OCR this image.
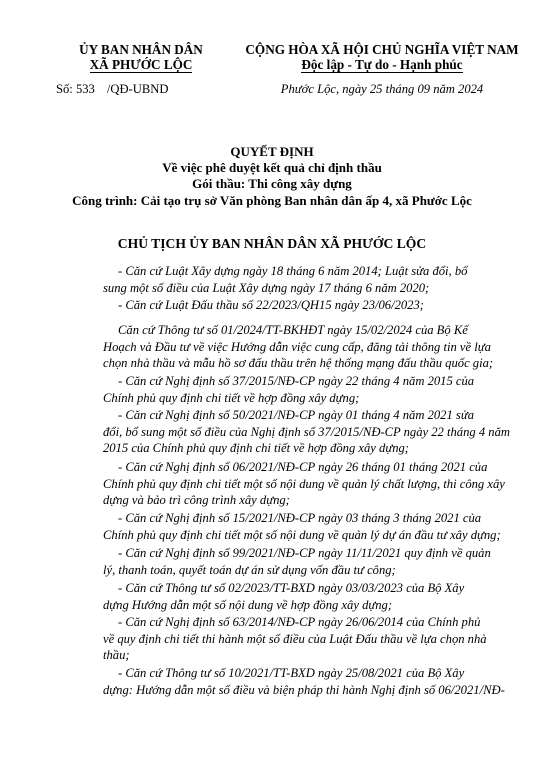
ỦY BAN NHÂN DÂN
XÃ PHƯỚC LỘC
Số: 533 /QĐ-UBND
CỘNG HÒA XÃ HỘI CHỦ NGHĨA VIỆT NAM
Độc lập - Tự do - Hạnh phúc
Phước Lộc, ngày 25 tháng 09 năm 2024
QUYẾT ĐỊNH
Về việc phê duyệt kết quả chỉ định thầu
Gói thầu: Thi công xây dựng
Công trình: Cải tạo trụ sở Văn phòng Ban nhân dân ấp 4, xã Phước Lộc
CHỦ TỊCH ỦY BAN NHÂN DÂN XÃ PHƯỚC LỘC
- Căn cứ Luật Xây dựng ngày 18 tháng 6 năm 2014; Luật sửa đổi, bổ
sung một số điều của Luật Xây dựng ngày 17 tháng 6 năm 2020;
- Căn cứ Luật Đấu thầu số 22/2023/QH15 ngày 23/06/2023;
Căn cứ Thông tư số 01/2024/TT-BKHĐT ngày 15/02/2024 của Bộ Kế
Hoạch và Đầu tư về việc Hướng dẫn việc cung cấp, đăng tải thông tin về lựa
chọn nhà thầu và mẫu hồ sơ đấu thầu trên hệ thống mạng đấu thầu quốc gia;
- Căn cứ Nghị định số 37/2015/NĐ-CP ngày 22 tháng 4 năm 2015 của
Chính phủ quy định chi tiết về hợp đồng xây dựng;
- Căn cứ Nghị định số 50/2021/NĐ-CP ngày 01 tháng 4 năm 2021 sửa
đổi, bổ sung một số điều của Nghị định số 37/2015/NĐ-CP ngày 22 tháng 4 năm
2015 của Chính phủ quy định chi tiết về hợp đồng xây dựng;
- Căn cứ Nghị định số 06/2021/NĐ-CP ngày 26 tháng 01 tháng 2021 của
Chính phủ quy định chi tiết một số nội dung về quản lý chất lượng, thi công xây
dựng và bảo trì công trình xây dựng;
- Căn cứ Nghị định số 15/2021/NĐ-CP ngày 03 tháng 3 tháng 2021 của
Chính phủ quy định chi tiết một số nội dung về quản lý dự án đầu tư xây dựng;
- Căn cứ Nghị định số 99/2021/NĐ-CP ngày 11/11/2021 quy định về quản
lý, thanh toán, quyết toán dự án sử dụng vốn đầu tư công;
- Căn cứ Thông tư số 02/2023/TT-BXD ngày 03/03/2023 của Bộ Xây
dựng Hướng dẫn một số nội dung về hợp đồng xây dựng;
- Căn cứ Nghị định số 63/2014/NĐ-CP ngày 26/06/2014 của Chính phủ
về quy định chi tiết thi hành một số điều của Luật Đấu thầu về lựa chọn nhà
thầu;
- Căn cứ Thông tư số 10/2021/TT-BXD ngày 25/08/2021 của Bộ Xây
dựng: Hướng dẫn một số điều và biện pháp thi hành Nghị định số 06/2021/NĐ-
